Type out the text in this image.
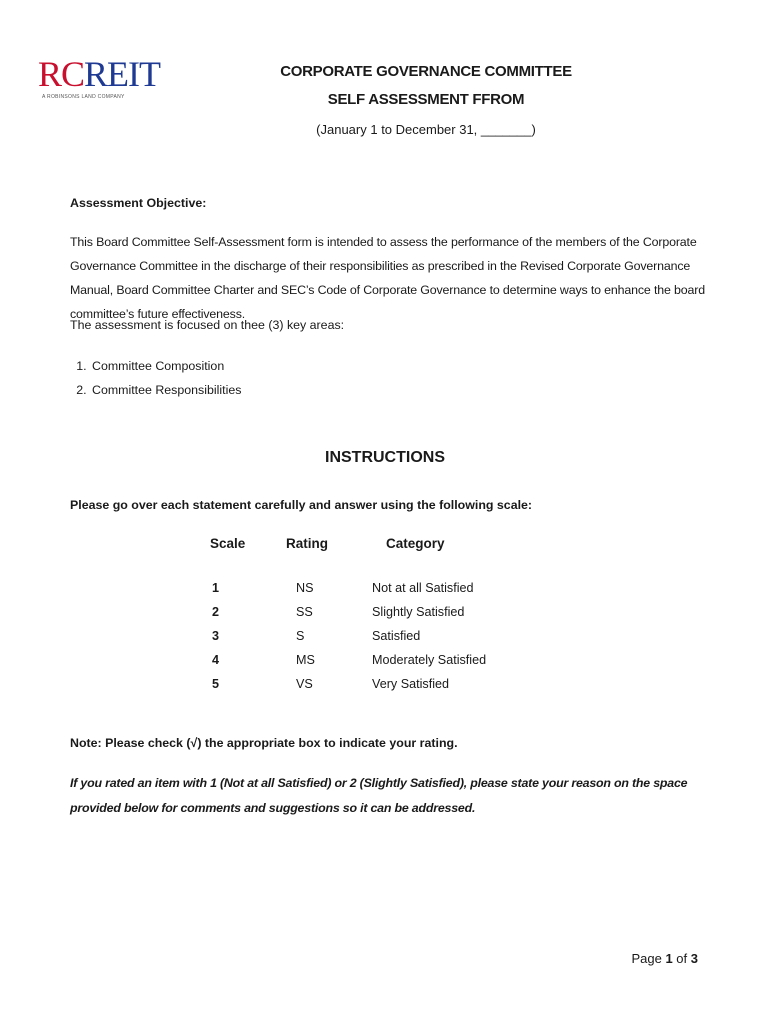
RCREIT
A ROBINSONS LAND COMPANY
CORPORATE GOVERNANCE COMMITTEE
SELF ASSESSMENT FFROM
(January 1 to December 31, _______)
Assessment Objective:
This Board Committee Self-Assessment form is intended to assess the performance of the members of the Corporate Governance Committee in the discharge of their responsibilities as prescribed in the Revised Corporate Governance Manual, Board Committee Charter and SEC’s Code of Corporate Governance to determine ways to enhance the board committee’s future effectiveness.
The assessment is focused on thee (3) key areas:
1. Committee Composition
2. Committee Responsibilities
INSTRUCTIONS
Please go over each statement carefully and answer using the following scale:
Scale	Rating	Category
1	NS	Not at all Satisfied
2	SS	Slightly Satisfied
3	S	Satisfied
4	MS	Moderately Satisfied
5	VS	Very Satisfied
Note: Please check (√) the appropriate box to indicate your rating.
If you rated an item with 1 (Not at all Satisfied) or 2 (Slightly Satisfied), please state your reason on the space provided below for comments and suggestions so it can be addressed.
Page 1 of 3
